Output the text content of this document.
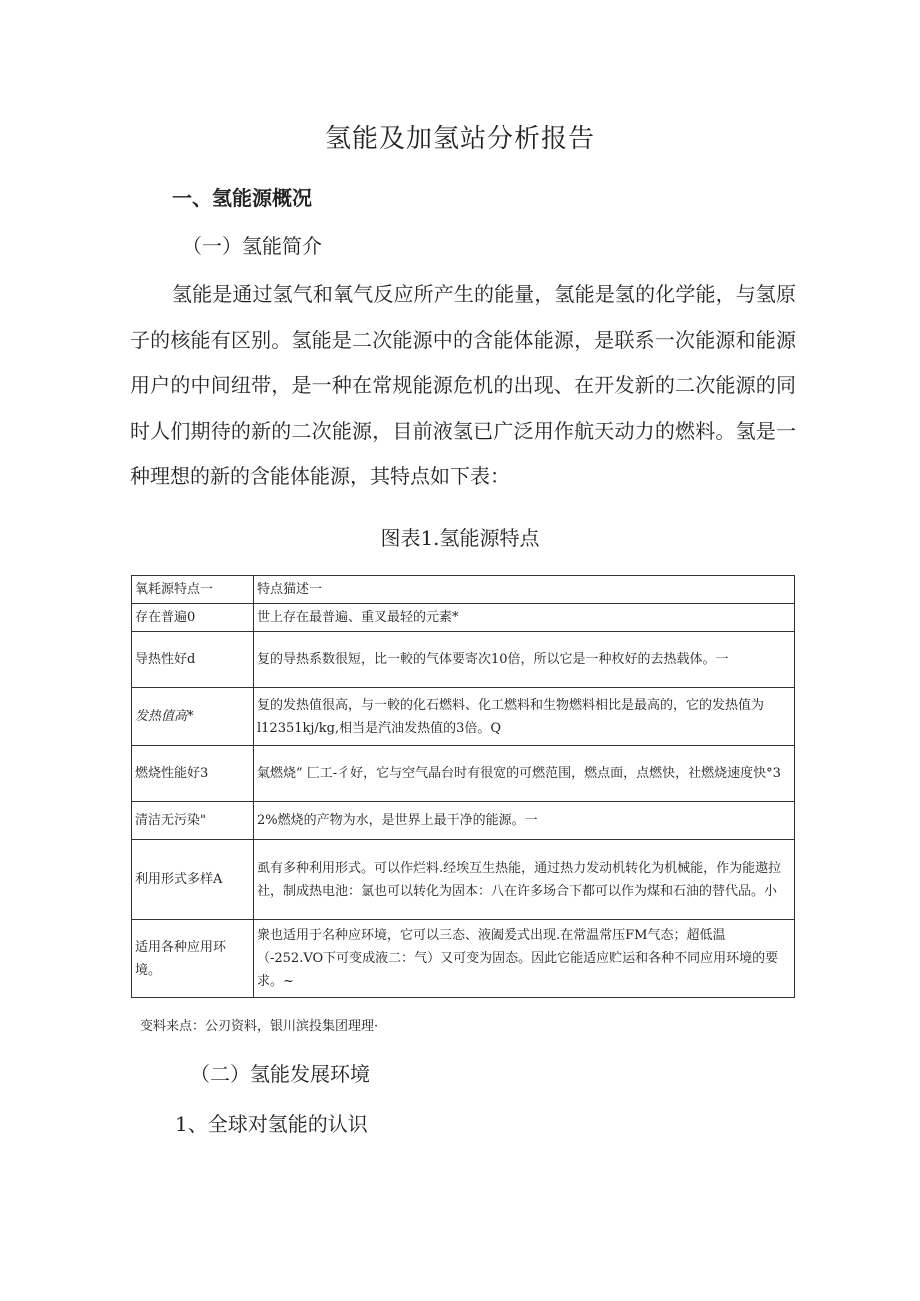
氢能及加氢站分析报告
一、氢能源概况
（一）氢能简介

氢能是通过氢气和氧气反应所产生的能量，氢能是氢的化学能，与氢原子的核能有区别。氢能是二次能源中的含能体能源，是联系一次能源和能源用户的中间纽带，是一种在常规能源危机的出现、在开发新的二次能源的同时人们期待的新的二次能源，目前液氢已广泛用作航天动力的燃料。氢是一种理想的新的含能体能源，其特点如下表：

图表1.氢能源特点
氧耗源特点一	特点猫述一
存在普遍0	世上存在最普遍、重叉最轻的元素*
导热性好d	复的导热系数很短，比一較的气体要寄次10倍，所以它是一种枚好的去热载体。一
发热值高*	复的发热值很高，与一較的化石燃料、化工燃料和生物燃料相比是最高的，它的发热值为l12351kj/kg,相当是汽油发热值的3倍。Q
燃烧性能好3	氣燃烧” 匚工-彳好，它与空气晶台时有很宽的可燃范围，燃点面，点燃快，社燃烧速度快°3
清洁无污染"	2%燃烧的产物为水，是世界上最干净的能源。一
利用形式多样A	虱有多种利用形式。可以作烂料.经埃互生热能，通过热力发动机转化为机械能，作为能遨拉社，制成热电池：氯也可以转化为固本：八在许多场合下都可以作为煤和石油的替代品。小
适用各种应用环境。	衆也适用于名种应环境，它可以三态、液阖爰式出现.在常温常压FM气态；超低温（-252.VO下可变成液二：气）又可变为固态。因此它能适应贮运和各种不同应用环境的要求。~
变料来点：公刃资料，银川滨投集团理理·
（二）氢能发展环境
1、全球对氢能的认识
